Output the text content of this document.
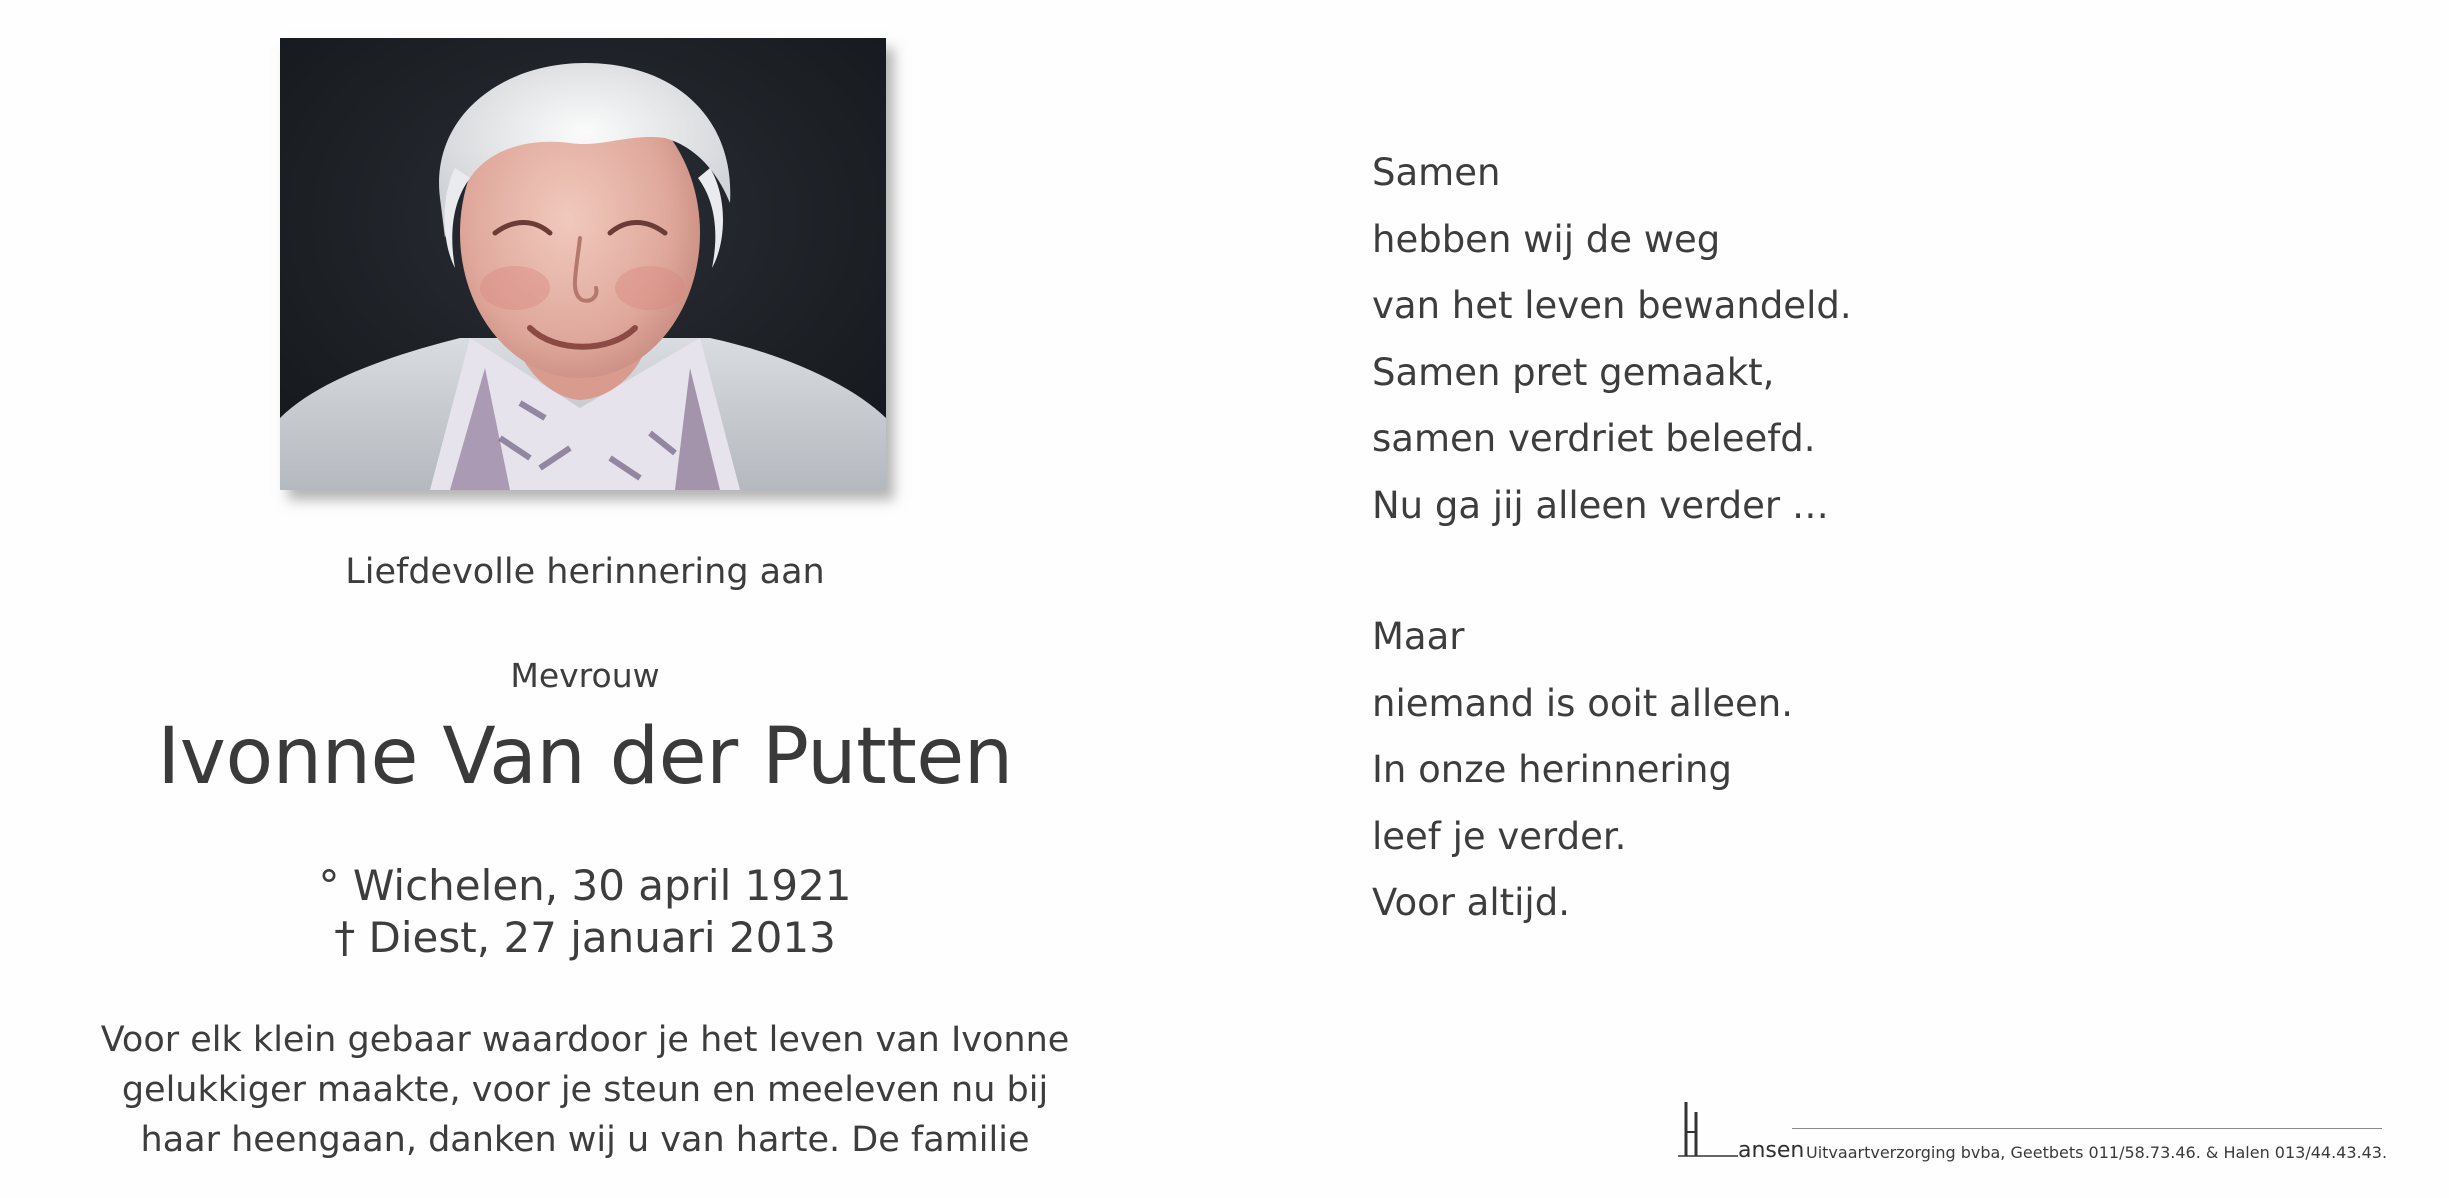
Liefdevolle herinnering aan
Mevrouw
Ivonne Van der Putten
° Wichelen, 30 april 1921
† Diest, 27 januari 2013
Voor elk klein gebaar waardoor je het leven van Ivonne
gelukkiger maakte, voor je steun en meeleven nu bij
haar heengaan, danken wij u van harte. De familie
Samen
hebben wij de weg
van het leven bewandeld.
Samen pret gemaakt,
samen verdriet beleefd.
Nu ga jij alleen verder …
Maar
niemand is ooit alleen.
In onze herinnering
leef je verder.
Voor altijd.
ansen Uitvaartverzorging bvba, Geetbets 011/58.73.46. & Halen 013/44.43.43.
